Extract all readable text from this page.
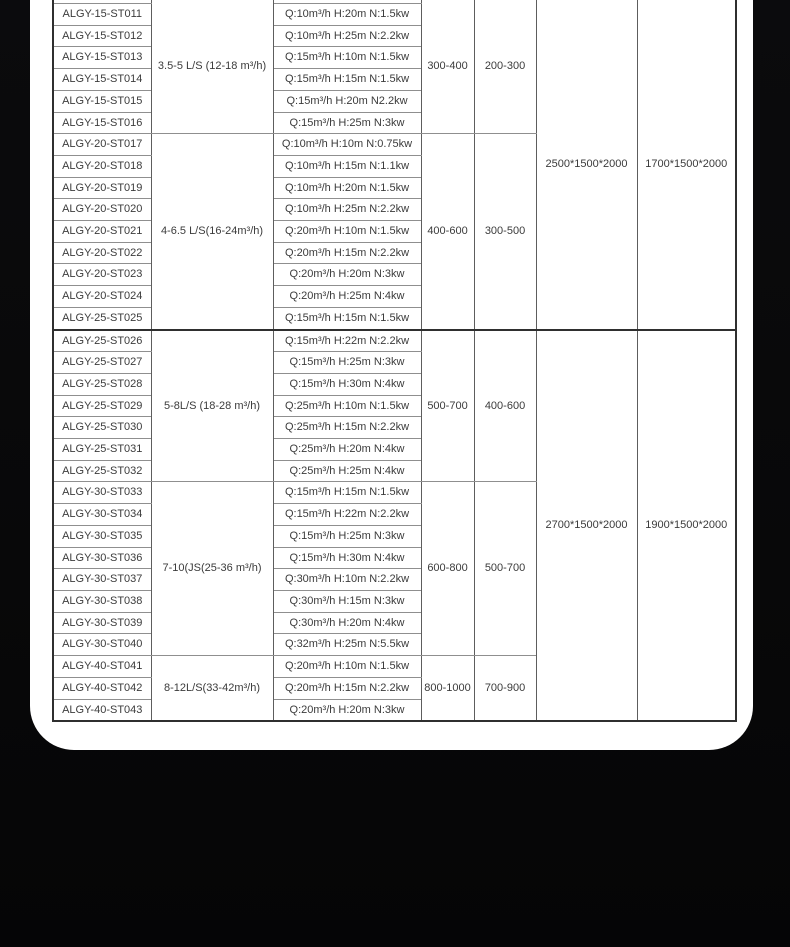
	3.5-5 L/S (12-18 m³/h)		300-400	200-300	2500*1500*2000	1700*1500*2000
ALGY-15-ST011		Q:10m³/h H:20m N:1.5kw				
ALGY-15-ST012		Q:10m³/h H:25m N:2.2kw				
ALGY-15-ST013		Q:15m³/h H:10m N:1.5kw				
ALGY-15-ST014		Q:15m³/h H:15m N:1.5kw				
ALGY-15-ST015		Q:15m³/h H:20m N2.2kw				
ALGY-15-ST016		Q:15m³/h H:25m N:3kw				
ALGY-20-ST017	4-6.5 L/S(16-24m³/h)	Q:10m³/h H:10m N:0.75kw	400-600	300-500		
ALGY-20-ST018		Q:10m³/h H:15m N:1.1kw				
ALGY-20-ST019		Q:10m³/h H:20m N:1.5kw				
ALGY-20-ST020		Q:10m³/h H:25m N:2.2kw				
ALGY-20-ST021		Q:20m³/h H:10m N:1.5kw				
ALGY-20-ST022		Q:20m³/h H:15m N:2.2kw				
ALGY-20-ST023		Q:20m³/h H:20m N:3kw				
ALGY-20-ST024		Q:20m³/h H:25m N:4kw				
ALGY-25-ST025		Q:15m³/h H:15m N:1.5kw				
ALGY-25-ST026	5-8L/S (18-28 m³/h)	Q:15m³/h H:22m N:2.2kw	500-700	400-600	2700*1500*2000	1900*1500*2000
ALGY-25-ST027		Q:15m³/h H:25m N:3kw				
ALGY-25-ST028		Q:15m³/h H:30m N:4kw				
ALGY-25-ST029		Q:25m³/h H:10m N:1.5kw				
ALGY-25-ST030		Q:25m³/h H:15m N:2.2kw				
ALGY-25-ST031		Q:25m³/h H:20m N:4kw				
ALGY-25-ST032		Q:25m³/h H:25m N:4kw				
ALGY-30-ST033	7-10(JS(25-36 m³/h)	Q:15m³/h H:15m N:1.5kw	600-800	500-700		
ALGY-30-ST034		Q:15m³/h H:22m N:2.2kw				
ALGY-30-ST035		Q:15m³/h H:25m N:3kw				
ALGY-30-ST036		Q:15m³/h H:30m N:4kw				
ALGY-30-ST037		Q:30m³/h H:10m N:2.2kw				
ALGY-30-ST038		Q:30m³/h H:15m N:3kw				
ALGY-30-ST039		Q:30m³/h H:20m N:4kw				
ALGY-30-ST040		Q:32m³/h H:25m N:5.5kw				
ALGY-40-ST041	8-12L/S(33-42m³/h)	Q:20m³/h H:10m N:1.5kw	800-1000	700-900		
ALGY-40-ST042		Q:20m³/h H:15m N:2.2kw				
ALGY-40-ST043		Q:20m³/h H:20m N:3kw				
